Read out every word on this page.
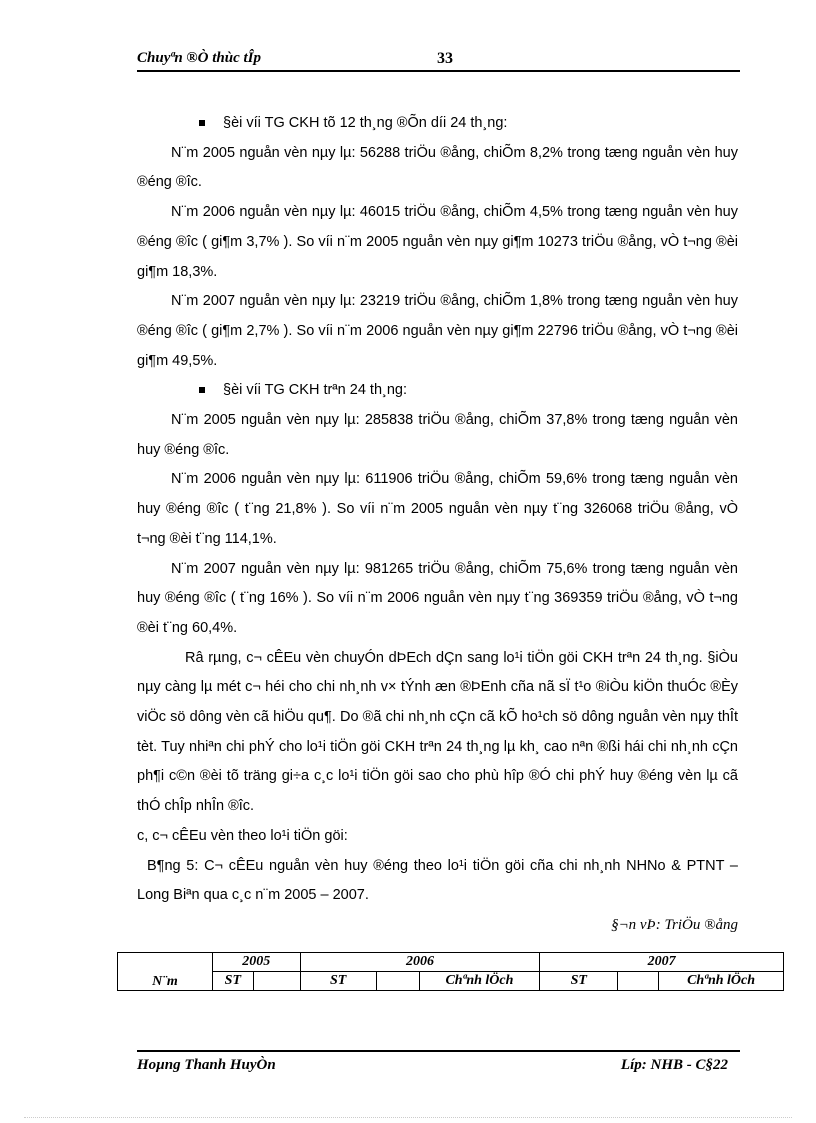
Chuyªn ®Ò thùc tÎp	33

§èi víi TG CKH tõ 12 th¸ng ®Õn díi 24 th¸ng:

N¨m 2005 nguån vèn nµy lµ: 56288 triÖu ®ång, chiÕm 8,2% trong tæng nguån vèn huy ®éng ®îc.

N¨m 2006 nguån vèn nµy lµ: 46015 triÖu ®ång, chiÕm 4,5% trong tæng nguån vèn huy ®éng ®îc ( gi¶m 3,7% ). So víi n¨m 2005 nguån vèn nµy gi¶m 10273 triÖu ®ång, vÒ t¬ng ®èi gi¶m 18,3%.

N¨m 2007 nguån vèn nµy lµ: 23219 triÖu ®ång, chiÕm 1,8% trong tæng nguån vèn huy ®éng ®îc ( gi¶m 2,7% ). So víi n¨m 2006 nguån vèn nµy gi¶m 22796 triÖu ®ång, vÒ t¬ng ®èi gi¶m 49,5%.

§èi víi TG CKH trªn 24 th¸ng:

N¨m 2005 nguån vèn nµy lµ: 285838 triÖu ®ång, chiÕm 37,8% trong tæng nguån vèn huy ®éng ®îc.

N¨m 2006 nguån vèn nµy lµ: 611906 triÖu ®ång, chiÕm 59,6% trong tæng nguån vèn huy ®éng ®îc ( t¨ng 21,8% ). So víi n¨m 2005 nguån vèn nµy t¨ng 326068 triÖu ®ång, vÒ t¬ng ®èi t¨ng 114,1%.

N¨m 2007 nguån vèn nµy lµ: 981265 triÖu ®ång, chiÕm 75,6% trong tæng nguån vèn huy ®éng ®îc ( t¨ng 16% ). So víi n¨m 2006 nguån vèn nµy t¨ng 369359 triÖu ®ång, vÒ t¬ng ®èi t¨ng 60,4%.

Râ rµng, c¬ cÊEu vèn chuyÓn dÞEch dÇn sang lo¹i tiÖn göi CKH trªn 24 th¸ng. §iÒu nµy càng lµ mét c¬ héi cho chi nh¸nh v× tÝnh æn ®ÞEnh cña nã sÏ t¹o ®iÒu kiÖn thuÓc ®Èy viÖc sö dông vèn cã hiÖu qu¶. Do ®ã chi nh¸nh cÇn cã kÕ ho¹ch sö dông nguån vèn nµy thÎt tèt. Tuy nhiªn chi phÝ cho lo¹i tiÖn göi CKH trªn 24 th¸ng lµ kh¸ cao nªn ®ßi hái chi nh¸nh cÇn ph¶i c©n ®èi tõ träng gi÷a c¸c lo¹i tiÖn göi sao cho phù hîp ®Ó chi phÝ huy ®éng vèn lµ cã thÓ chÎp nhÎn ®îc.

c, c¬ cÊEu vèn theo lo¹i tiÖn göi:

B¶ng 5: C¬ cÊEu nguån vèn huy ®éng theo lo¹i tiÖn göi cña chi nh¸nh NHNo & PTNT – Long Biªn qua c¸c n¨m 2005 – 2007.

§¬n vÞ: TriÖu ®ång

N¨m	2005		2006			2007		
	ST		ST		Chªnh lÖch	ST		Chªnh lÖch
Hoµng Thanh HuyÒn	Líp: NHB - C§22
